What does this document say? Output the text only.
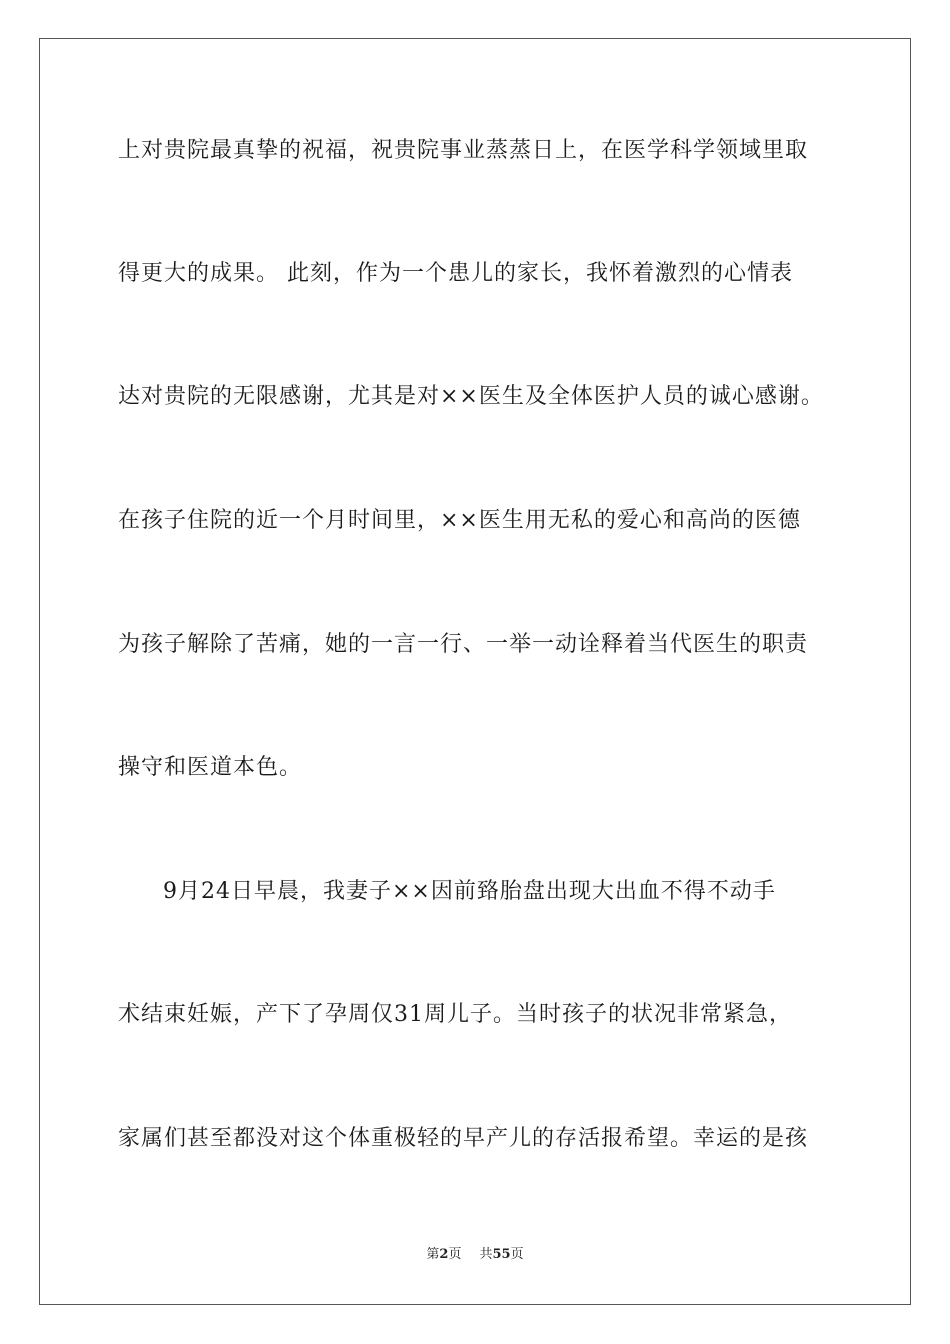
上对贵院最真挚的祝福，祝贵院事业蒸蒸日上，在医学科学领域里取
得更大的成果。 此刻，作为一个患儿的家长，我怀着激烈的心情表
达对贵院的无限感谢，尤其是对××医生及全体医护人员的诚心感谢。
在孩子住院的近一个月时间里，××医生用无私的爱心和高尚的医德
为孩子解除了苦痛，她的一言一行、一举一动诠释着当代医生的职责
操守和医道本色。
9月24日早晨，我妻子××因前臵胎盘出现大出血不得不动手
术结束妊娠，产下了孕周仅31周儿子。当时孩子的状况非常紧急，
家属们甚至都没对这个体重极轻的早产儿的存活报希望。幸运的是孩
第2页 共55页
